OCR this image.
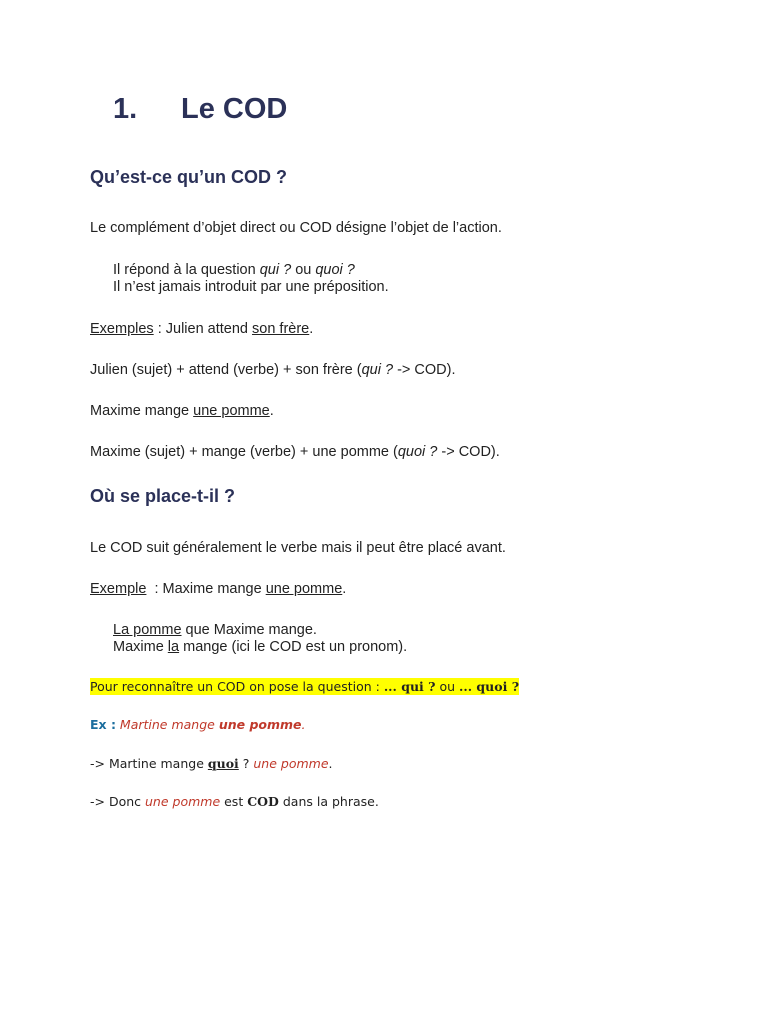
1. Le COD
Qu’est-ce qu’un COD ?
Le complément d’objet direct ou COD désigne l’objet de l’action.
Il répond à la question qui ? ou quoi ?
Il n’est jamais introduit par une préposition.
Exemples : Julien attend son frère.
Julien (sujet) + attend (verbe) + son frère (qui ? -> COD).
Maxime mange une pomme.
Maxime (sujet) + mange (verbe) + une pomme (quoi ? -> COD).
Où se place-t-il ?
Le COD suit généralement le verbe mais il peut être placé avant.
Exemple  : Maxime mange une pomme.
La pomme que Maxime mange.
Maxime la mange (ici le COD est un pronom).
Pour reconnaître un COD on pose la question : ... qui ? ou ... quoi ?
Ex : Martine mange une pomme.
-> Martine mange quoi ? une pomme.
-> Donc une pomme est COD dans la phrase.
